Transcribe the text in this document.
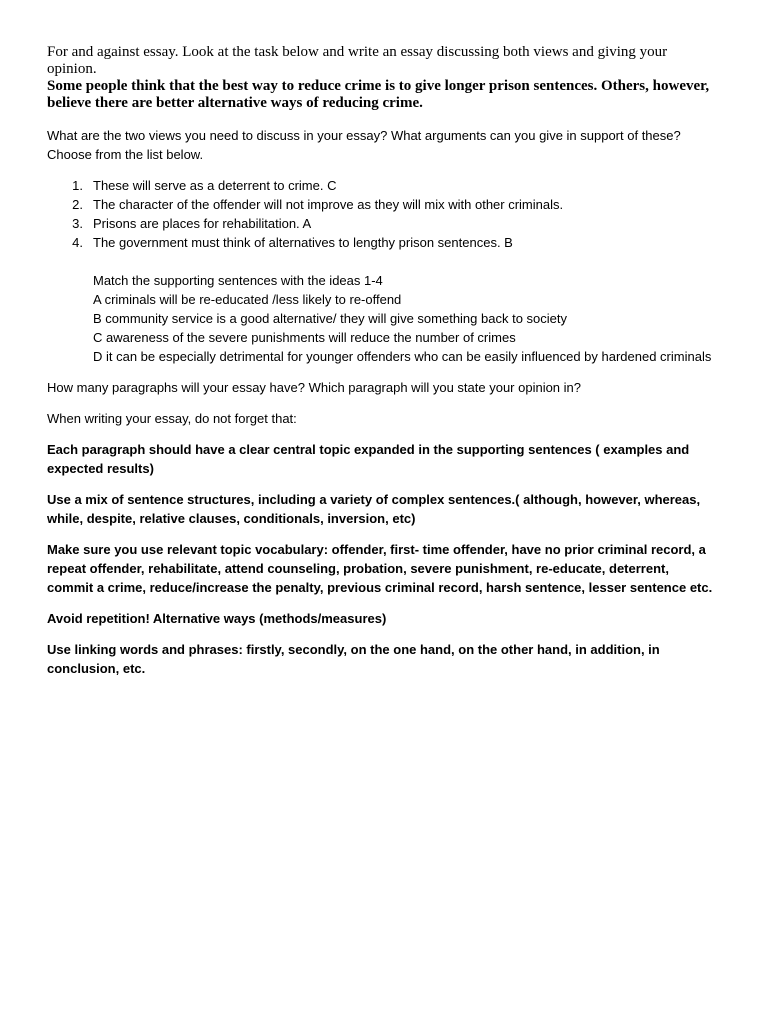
For and against essay. Look at the task below and write an essay discussing both views and giving your opinion.

Some people think that the best way to reduce crime is to give longer prison sentences. Others, however, believe there are better alternative ways of reducing crime.

What are the two views you need to discuss in your essay? What arguments can you give in support of these? Choose from the list below.

1. These will serve as a deterrent to crime. C
2. The character of the offender will not improve as they will mix with other criminals.
3. Prisons are places for rehabilitation. A
4. The government must think of alternatives to lengthy prison sentences. B
Match the supporting sentences with the ideas 1-4
A criminals will be re-educated /less likely to re-offend
B community service is a good alternative/ they will give something back to society
C awareness of the severe punishments will reduce the number of crimes
D it can be especially detrimental for younger offenders who can be easily influenced by hardened criminals

How many paragraphs will your essay have? Which paragraph will you state your opinion in?

When writing your essay, do not forget that:

Each paragraph should have a clear central topic expanded in the supporting sentences ( examples and expected results)

Use a mix of sentence structures, including a variety of complex sentences.( although, however, whereas, while, despite, relative clauses, conditionals, inversion, etc)

Make sure you use relevant topic vocabulary: offender, first- time offender, have no prior criminal record, a repeat offender, rehabilitate, attend counseling, probation, severe punishment, re-educate, deterrent, commit a crime, reduce/increase the penalty, previous criminal record, harsh sentence, lesser sentence etc.

Avoid repetition! Alternative ways (methods/measures)

Use linking words and phrases: firstly, secondly, on the one hand, on the other hand, in addition, in conclusion, etc.
